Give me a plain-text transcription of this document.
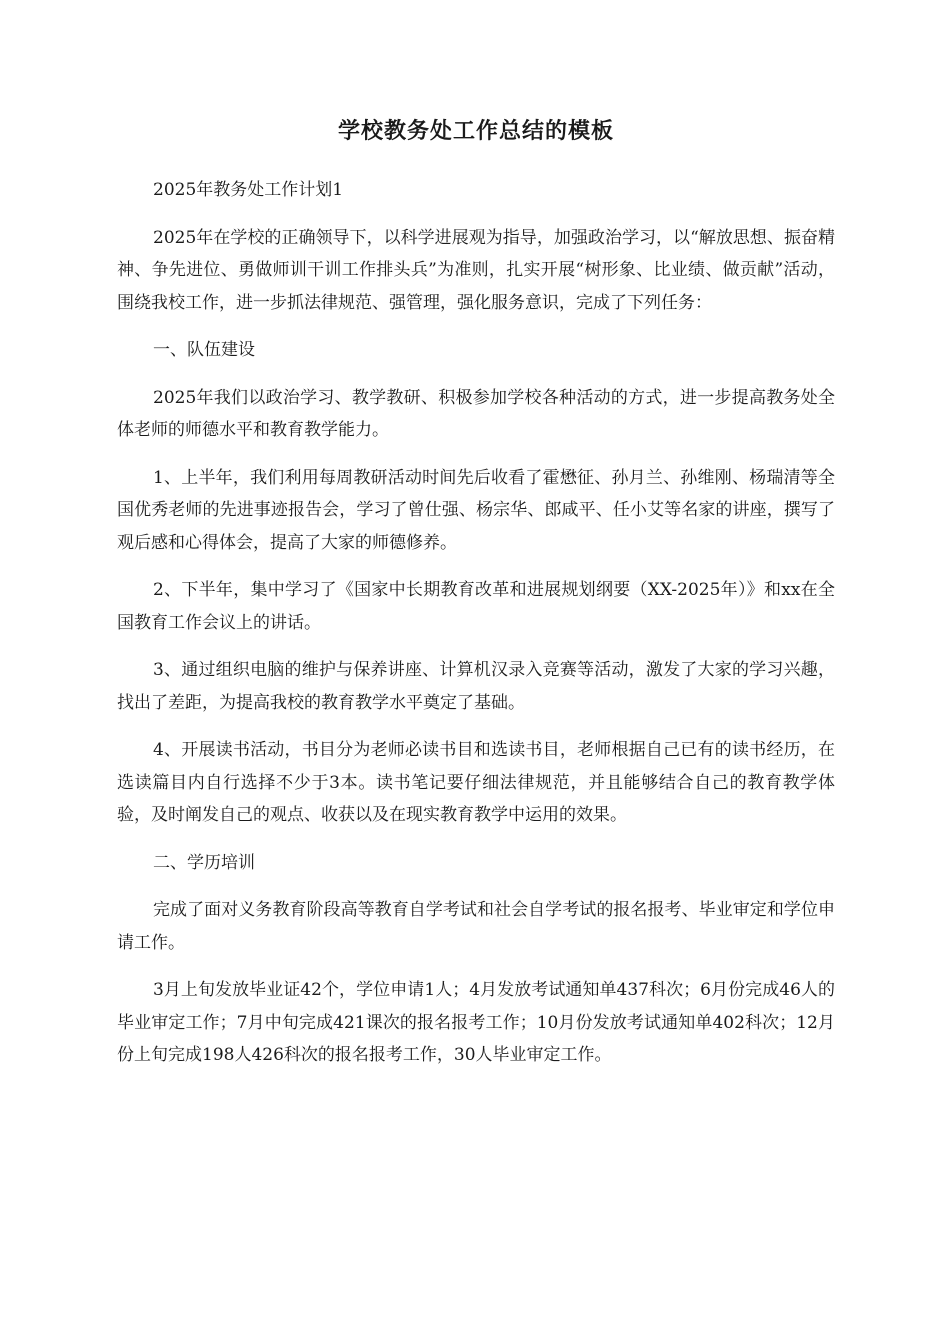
学校教务处工作总结的模板

2025年教务处工作计划1

2025年在学校的正确领导下，以科学进展观为指导，加强政治学习，以“解放思想、振奋精神、争先进位、勇做师训干训工作排头兵”为准则，扎实开展“树形象、比业绩、做贡献”活动，围绕我校工作，进一步抓法律规范、强管理，强化服务意识，完成了下列任务：

一、队伍建设

2025年我们以政治学习、教学教研、积极参加学校各种活动的方式，进一步提高教务处全体老师的师德水平和教育教学能力。

1、上半年，我们利用每周教研活动时间先后收看了霍懋征、孙月兰、孙维刚、杨瑞清等全国优秀老师的先进事迹报告会，学习了曾仕强、杨宗华、郎咸平、任小艾等名家的讲座，撰写了观后感和心得体会，提高了大家的师德修养。

2、下半年，集中学习了《国家中长期教育改革和进展规划纲要（XX-2025年）》和xx在全国教育工作会议上的讲话。

3、通过组织电脑的维护与保养讲座、计算机汉录入竞赛等活动，激发了大家的学习兴趣，找出了差距，为提高我校的教育教学水平奠定了基础。

4、开展读书活动，书目分为老师必读书目和选读书目，老师根据自己已有的读书经历，在选读篇目内自行选择不少于3本。读书笔记要仔细法律规范，并且能够结合自己的教育教学体验，及时阐发自己的观点、收获以及在现实教育教学中运用的效果。

二、学历培训

完成了面对义务教育阶段高等教育自学考试和社会自学考试的报名报考、毕业审定和学位申请工作。

3月上旬发放毕业证42个，学位申请1人；4月发放考试通知单437科次；6月份完成46人的毕业审定工作；7月中旬完成421课次的报名报考工作；10月份发放考试通知单402科次；12月份上旬完成198人426科次的报名报考工作，30人毕业审定工作。
